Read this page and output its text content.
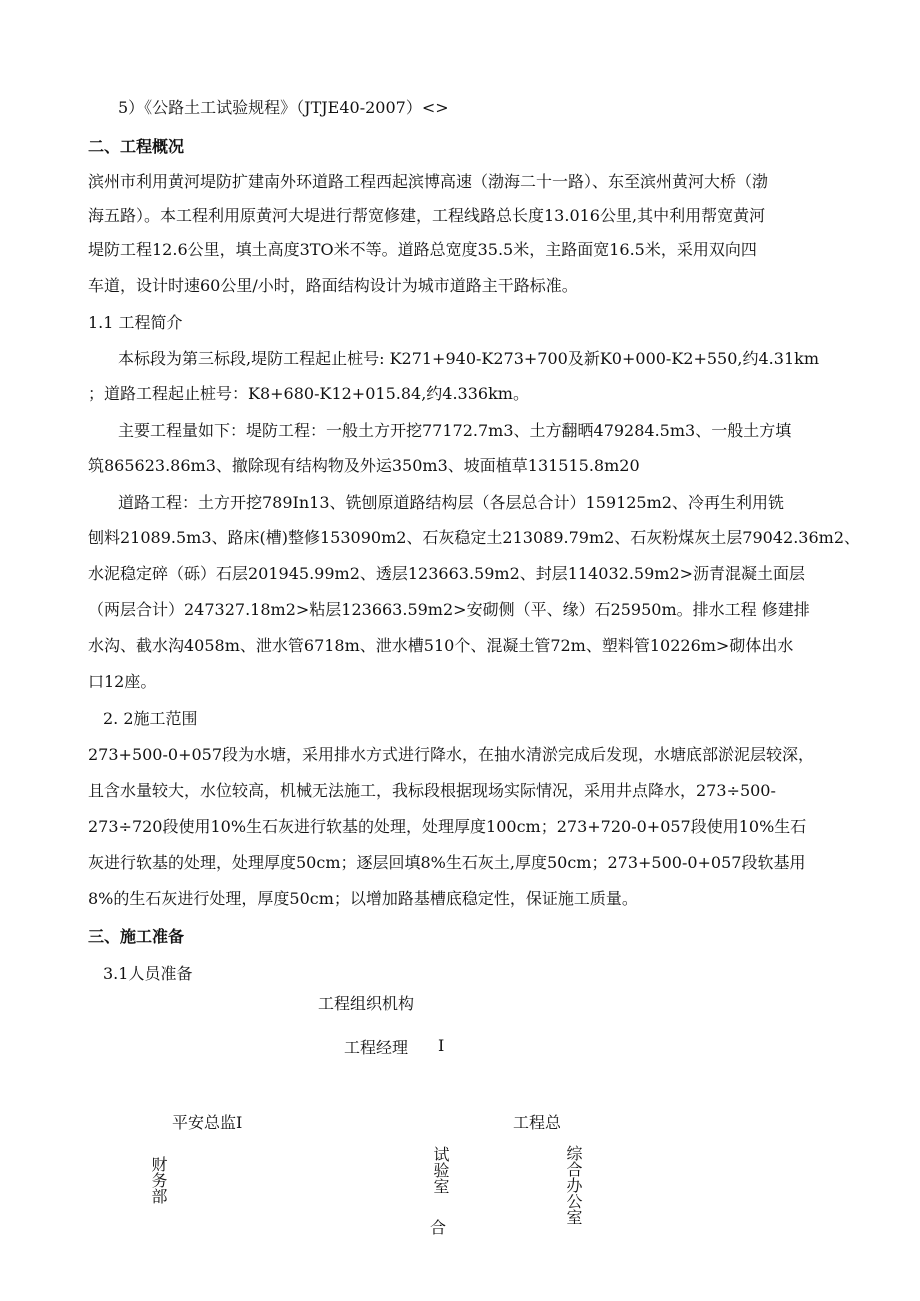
5）《公路土工试验规程》（JTJE40-2007）<>
二、工程概况
滨州市利用黄河堤防扩建南外环道路工程西起滨博高速（渤海二十一路）、东至滨州黄河大桥（渤
海五路）。本工程利用原黄河大堤进行帮宽修建，工程线路总长度13.016公里,其中利用帮宽黄河
堤防工程12.6公里，填土高度3TO米不等。道路总宽度35.5米，主路面宽16.5米，采用双向四
车道，设计时速60公里/小时，路面结构设计为城市道路主干路标准。
1.1 工程简介
本标段为第三标段,堤防工程起止桩号: K271+940-K273+700及新K0+000-K2+550,约4.31km
；道路工程起止桩号：K8+680-K12+015.84,约4.336km。
主要工程量如下：堤防工程：一般土方开挖77172.7m3、土方翻晒479284.5m3、一般土方填
筑865623.86m3、撤除现有结构物及外运350m3、坡面植草131515.8m20
道路工程：土方开挖789In13、铣刨原道路结构层（各层总合计）159125m2、冷再生利用铣
刨料21089.5m3、路床(槽)整修153090m2、石灰稳定土213089.79m2、石灰粉煤灰土层79042.36m2、
水泥稳定碎（砾）石层201945.99m2、透层123663.59m2、封层114032.59m2>沥青混凝土面层
（两层合计）247327.18m2>粘层123663.59m2>安砌侧（平、缘）石25950m。排水工程 修建排
水沟、截水沟4058m、泄水管6718m、泄水槽510个、混凝土管72m、塑料管10226m>砌体出水
口12座。
2. 2施工范围
273+500-0+057段为水塘，采用排水方式进行降水，在抽水清淤完成后发现，水塘底部淤泥层较深，
且含水量较大，水位较高，机械无法施工，我标段根据现场实际情况，采用井点降水，273÷500-
273÷720段使用10%生石灰进行软基的处理，处理厚度100cm；273+720-0+057段使用10%生石
灰进行软基的处理，处理厚度50cm；逐层回填8%生石灰土,厚度50cm；273+500-0+057段软基用
8%的生石灰进行处理，厚度50cm；以增加路基槽底稳定性，保证施工质量。
三、施工准备
3.1人员准备
工程组织机构
工程经理 I
平安总监I	工程总
财务部	试验室
合
综合办公室
